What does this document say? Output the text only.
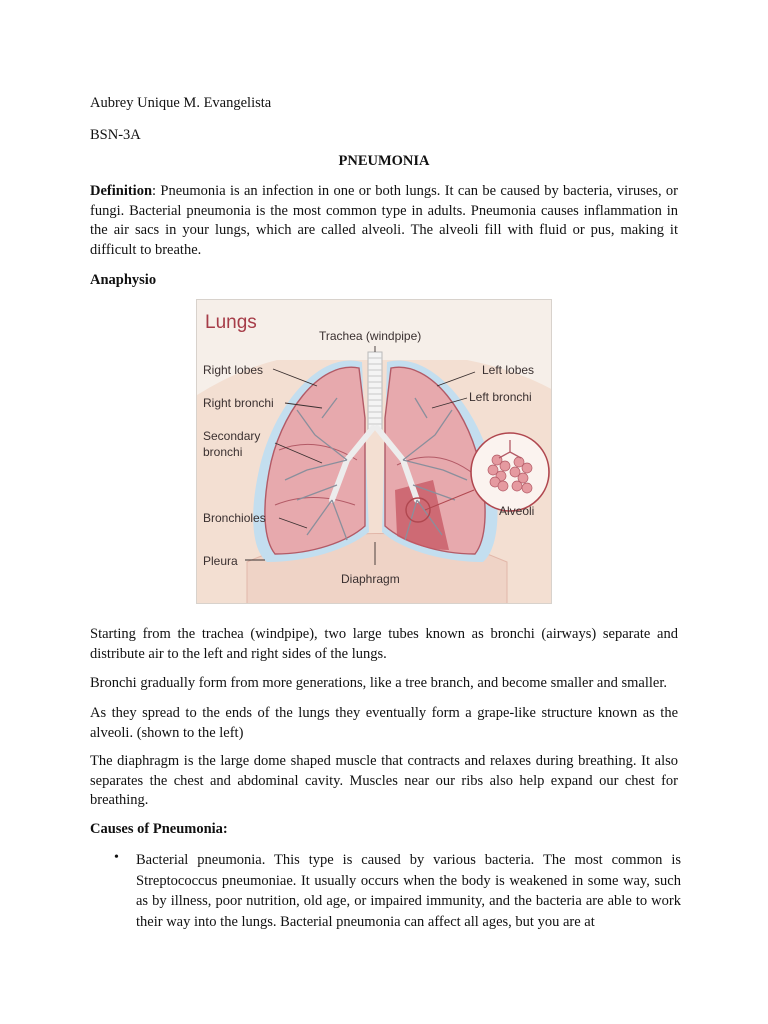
Aubrey Unique M. Evangelista
BSN-3A
PNEUMONIA
Definition: Pneumonia is an infection in one or both lungs. It can be caused by bacteria, viruses, or fungi. Bacterial pneumonia is the most common type in adults. Pneumonia causes inflammation in the air sacs in your lungs, which are called alveoli. The alveoli fill with fluid or pus, making it difficult to breathe.
Anaphysio
Lungs
Trachea (windpipe)
Right lobes
Right bronchi
Secondary
bronchi
Bronchioles
Pleura
Diaphragm
Left lobes
Left bronchi
Alveoli
Starting from the trachea (windpipe), two large tubes known as bronchi (airways) separate and distribute air to the left and right sides of the lungs.
Bronchi gradually form from more generations, like a tree branch, and become smaller and smaller.
As they spread to the ends of the lungs they eventually form a grape-like structure known as the alveoli. (shown to the left)
The diaphragm is the large dome shaped muscle that contracts and relaxes during breathing. It also separates the chest and abdominal cavity. Muscles near our ribs also help expand our chest for breathing.
Causes of Pneumonia:
• Bacterial pneumonia. This type is caused by various bacteria. The most common is Streptococcus pneumoniae. It usually occurs when the body is weakened in some way, such as by illness, poor nutrition, old age, or impaired immunity, and the bacteria are able to work their way into the lungs. Bacterial pneumonia can affect all ages, but you are at
